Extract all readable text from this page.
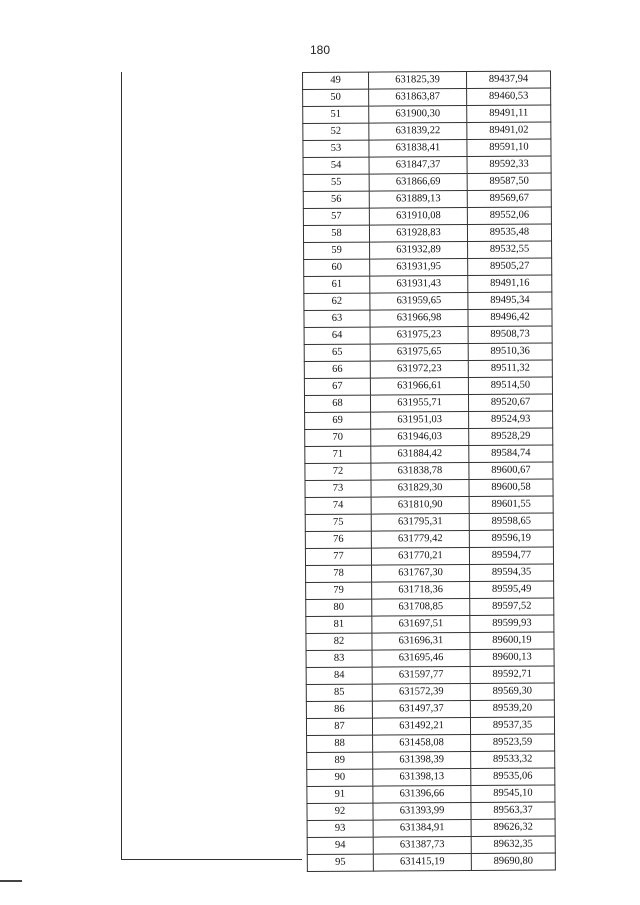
180
49	631825,39	89437,94
50	631863,87	89460,53
51	631900,30	89491,11
52	631839,22	89491,02
53	631838,41	89591,10
54	631847,37	89592,33
55	631866,69	89587,50
56	631889,13	89569,67
57	631910,08	89552,06
58	631928,83	89535,48
59	631932,89	89532,55
60	631931,95	89505,27
61	631931,43	89491,16
62	631959,65	89495,34
63	631966,98	89496,42
64	631975,23	89508,73
65	631975,65	89510,36
66	631972,23	89511,32
67	631966,61	89514,50
68	631955,71	89520,67
69	631951,03	89524,93
70	631946,03	89528,29
71	631884,42	89584,74
72	631838,78	89600,67
73	631829,30	89600,58
74	631810,90	89601,55
75	631795,31	89598,65
76	631779,42	89596,19
77	631770,21	89594,77
78	631767,30	89594,35
79	631718,36	89595,49
80	631708,85	89597,52
81	631697,51	89599,93
82	631696,31	89600,19
83	631695,46	89600,13
84	631597,77	89592,71
85	631572,39	89569,30
86	631497,37	89539,20
87	631492,21	89537,35
88	631458,08	89523,59
89	631398,39	89533,32
90	631398,13	89535,06
91	631396,66	89545,10
92	631393,99	89563,37
93	631384,91	89626,32
94	631387,73	89632,35
95	631415,19	89690,80
